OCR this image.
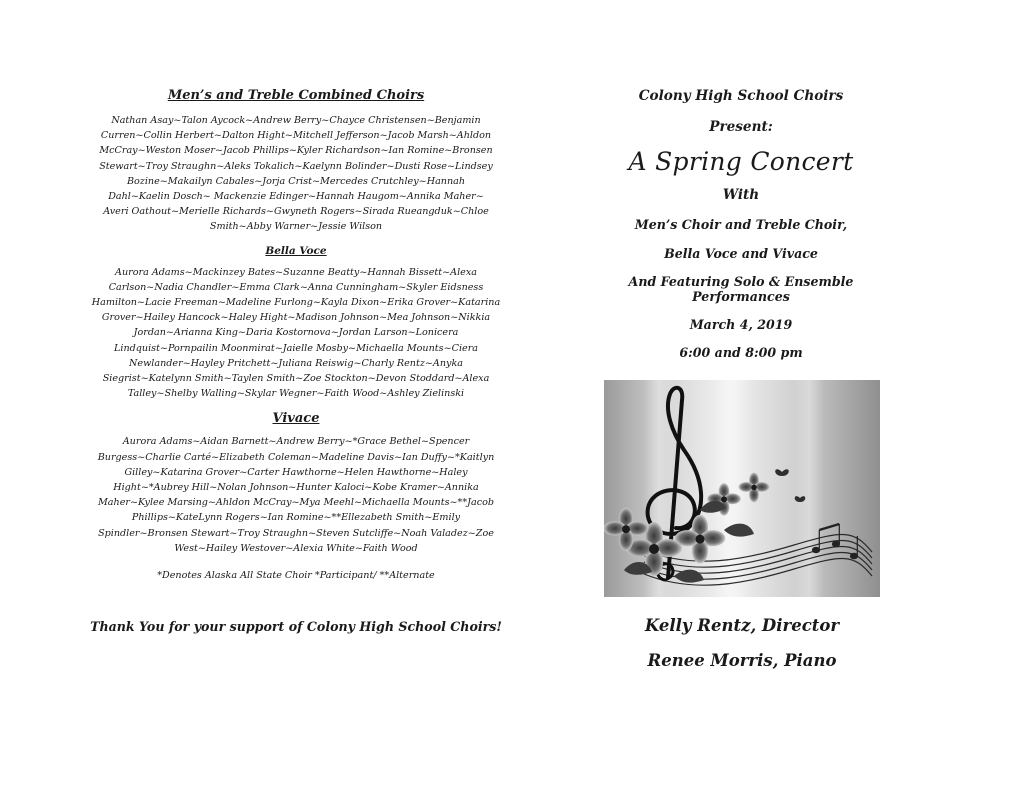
Men’s and Treble Combined Choirs

Nathan Asay~Talon Aycock~Andrew Berry~Chayce Christensen~Benjamin Curren~Collin Herbert~Dalton Hight~Mitchell Jefferson~Jacob Marsh~Ahldon McCray~Weston Moser~Jacob Phillips~Kyler Richardson~Ian Romine~Bronsen Stewart~Troy Straughn~Aleks Tokalich~Kaelynn Bolinder~Dusti Rose~Lindsey Bozine~Makailyn Cabales~Jorja Crist~Mercedes Crutchley~Hannah Dahl~Kaelin Dosch~ Mackenzie Edinger~Hannah Haugom~Annika Maher~ Averi Oathout~Merielle Richards~Gwyneth Rogers~Sirada Rueangduk~Chloe Smith~Abby Warner~Jessie Wilson

Bella Voce

Aurora Adams~Mackinzey Bates~Suzanne Beatty~Hannah Bissett~Alexa Carlson~Nadia Chandler~Emma Clark~Anna Cunningham~Skyler Eidsness Hamilton~Lacie Freeman~Madeline Furlong~Kayla Dixon~Erika Grover~Katarina Grover~Hailey Hancock~Haley Hight~Madison Johnson~Mea Johnson~Nikkia Jordan~Arianna King~Daria Kostornova~Jordan Larson~Lonicera Lindquist~Pornpailin Moonmirat~Jaielle Mosby~Michaella Mounts~Ciera Newlander~Hayley Pritchett~Juliana Reiswig~Charly Rentz~Anyka Siegrist~Katelynn Smith~Taylen Smith~Zoe Stockton~Devon Stoddard~Alexa Talley~Shelby Walling~Skylar Wegner~Faith Wood~Ashley Zielinski

Vivace

Aurora Adams~Aidan Barnett~Andrew Berry~*Grace Bethel~Spencer Burgess~Charlie Carté~Elizabeth Coleman~Madeline Davis~Ian Duffy~*Kaitlyn Gilley~Katarina Grover~Carter Hawthorne~Helen Hawthorne~Haley Hight~*Aubrey Hill~Nolan Johnson~Hunter Kaloci~Kobe Kramer~Annika Maher~Kylee Marsing~Ahldon McCray~Mya Meehl~Michaella Mounts~**Jacob Phillips~KateLynn Rogers~Ian Romine~**Ellezabeth Smith~Emily Spindler~Bronsen Stewart~Troy Straughn~Steven Sutcliffe~Noah Valadez~Zoe West~Hailey Westover~Alexia White~Faith Wood

*Denotes Alaska All State Choir *Participant/ **Alternate

Thank You for your support of Colony High School Choirs!

Colony High School Choirs

Present:

A Spring Concert

With

Men’s Choir and Treble Choir,

Bella Voce and Vivace

And Featuring Solo & Ensemble Performances

March 4, 2019

6:00 and 8:00 pm

Kelly Rentz, Director

Renee Morris, Piano
